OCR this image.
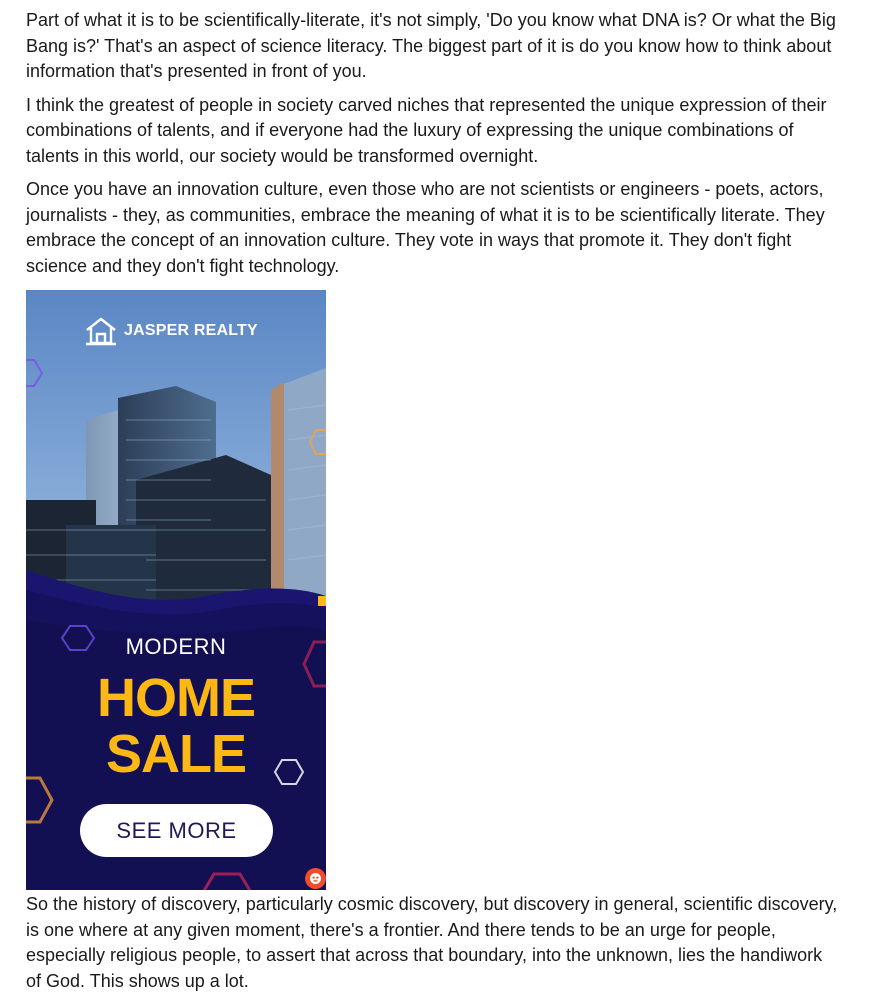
Part of what it is to be scientifically-literate, it's not simply, 'Do you know what DNA is? Or what the Big Bang is?' That's an aspect of science literacy. The biggest part of it is do you know how to think about information that's presented in front of you.

I think the greatest of people in society carved niches that represented the unique expression of their combinations of talents, and if everyone had the luxury of expressing the unique combinations of talents in this world, our society would be transformed overnight.

Once you have an innovation culture, even those who are not scientists or engineers - poets, actors, journalists - they, as communities, embrace the meaning of what it is to be scientifically literate. They embrace the concept of an innovation culture. They vote in ways that promote it. They don't fight science and they don't fight technology.

JASPER REALTY
MODERN
HOME
SALE
SEE MORE

So the history of discovery, particularly cosmic discovery, but discovery in general, scientific discovery, is one where at any given moment, there's a frontier. And there tends to be an urge for people, especially religious people, to assert that across that boundary, into the unknown, lies the handiwork of God. This shows up a lot.
